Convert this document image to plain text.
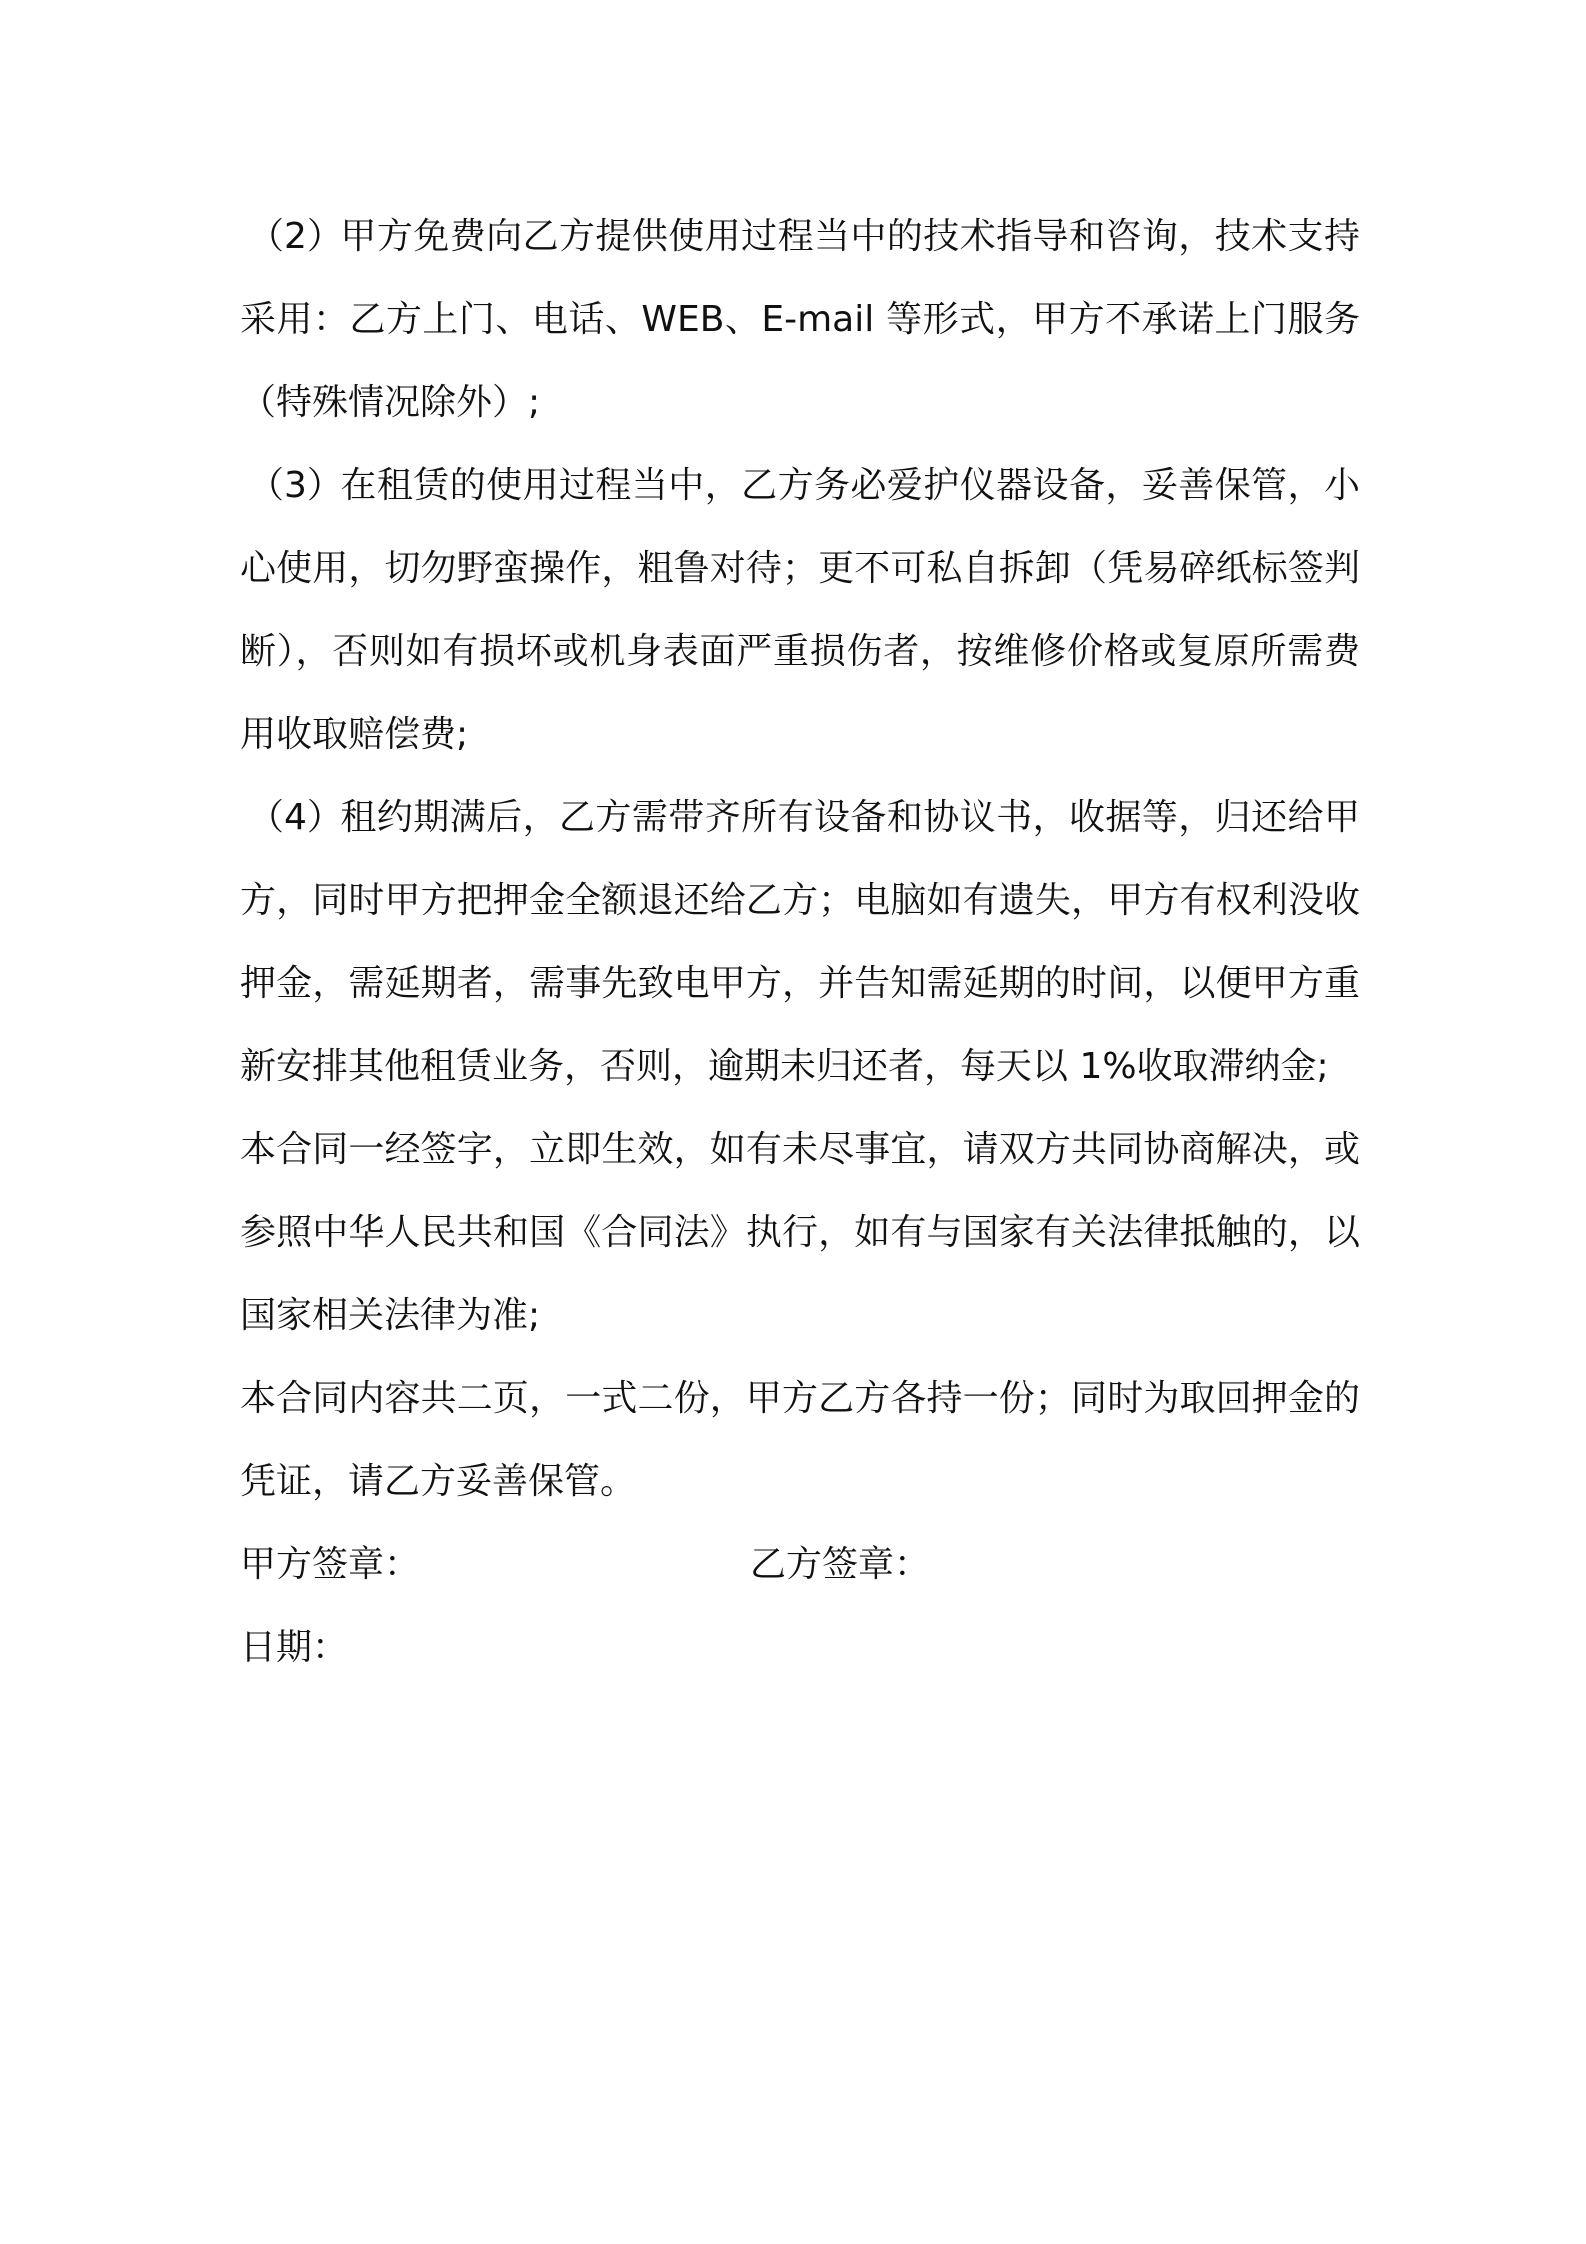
（2）甲方免费向乙方提供使用过程当中的技术指导和咨询，技术支持采用：乙方上门、电话、WEB、E-mail 等形式，甲方不承诺上门服务（特殊情况除外）;

（3）在租赁的使用过程当中，乙方务必爱护仪器设备，妥善保管，小心使用，切勿野蛮操作，粗鲁对待；更不可私自拆卸（凭易碎纸标签判断），否则如有损坏或机身表面严重损伤者，按维修价格或复原所需费用收取赔偿费;

（4）租约期满后，乙方需带齐所有设备和协议书，收据等，归还给甲方，同时甲方把押金全额退还给乙方；电脑如有遗失，甲方有权利没收押金，需延期者，需事先致电甲方，并告知需延期的时间，以便甲方重新安排其他租赁业务，否则，逾期未归还者，每天以 1%收取滞纳金;

本合同一经签字，立即生效，如有未尽事宜，请双方共同协商解决，或参照中华人民共和国《合同法》执行，如有与国家有关法律抵触的，以国家相关法律为准;

本合同内容共二页，一式二份，甲方乙方各持一份；同时为取回押金的凭证，请乙方妥善保管。

甲方签章：	乙方签章：
日期：
